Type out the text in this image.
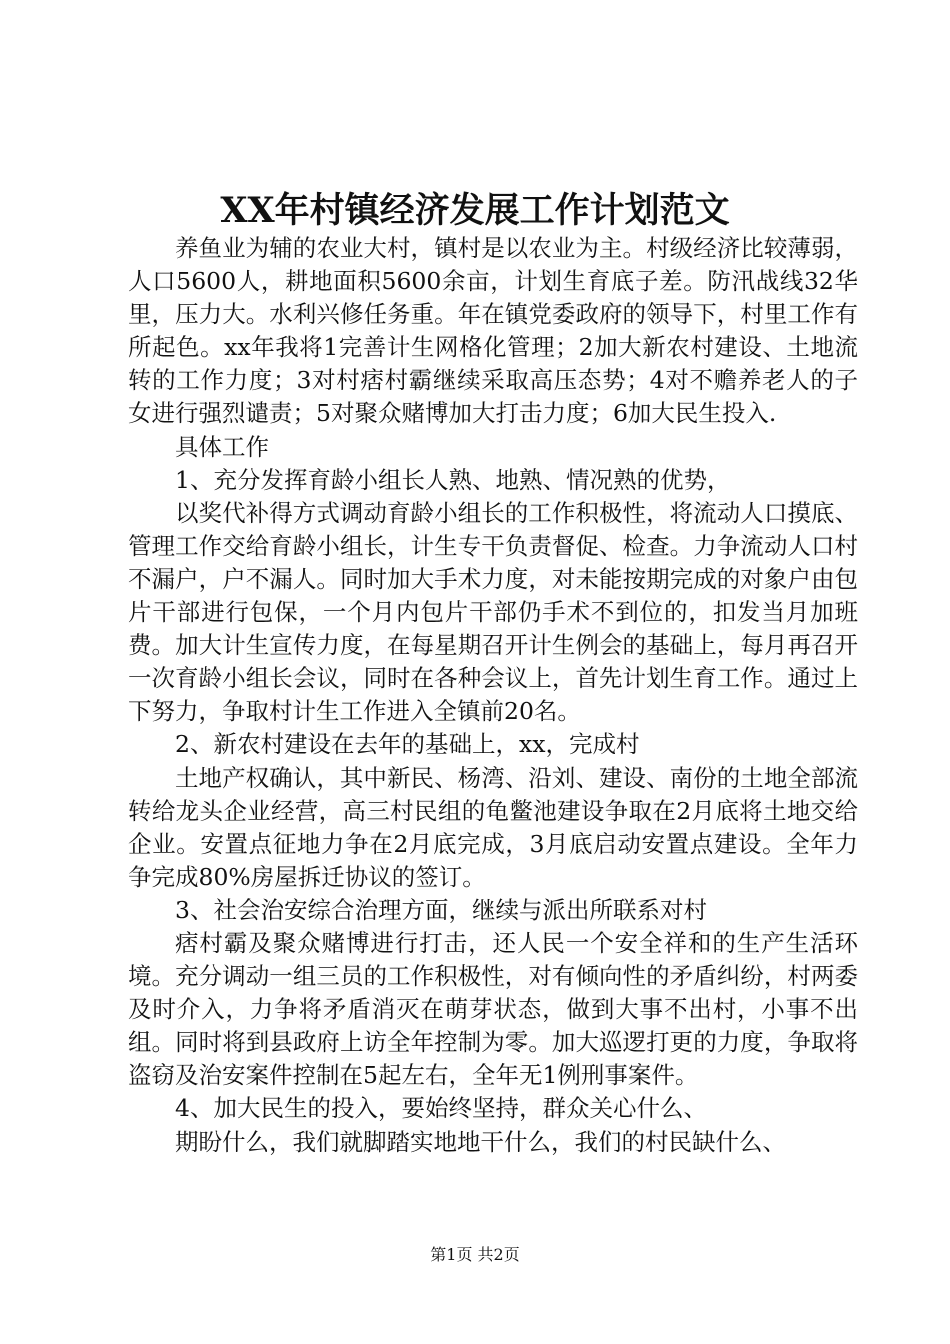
XX年村镇经济发展工作计划范文

养鱼业为辅的农业大村，镇村是以农业为主。村级经济比较薄弱，人口5600人，耕地面积5600余亩，计划生育底子差。防汛战线32华里，压力大。水利兴修任务重。年在镇党委政府的领导下，村里工作有所起色。xx年我将1完善计生网格化管理；2加大新农村建设、土地流转的工作力度；3对村痞村霸继续采取高压态势；4对不赡养老人的子女进行强烈谴责；5对聚众赌博加大打击力度；6加大民生投入.

具体工作

1、充分发挥育龄小组长人熟、地熟、情况熟的优势，

以奖代补得方式调动育龄小组长的工作积极性，将流动人口摸底、管理工作交给育龄小组长，计生专干负责督促、检查。力争流动人口村不漏户，户不漏人。同时加大手术力度，对未能按期完成的对象户由包片干部进行包保，一个月内包片干部仍手术不到位的，扣发当月加班费。加大计生宣传力度，在每星期召开计生例会的基础上，每月再召开一次育龄小组长会议，同时在各种会议上，首先计划生育工作。通过上下努力，争取村计生工作进入全镇前20名。

2、新农村建设在去年的基础上，xx，完成村

土地产权确认，其中新民、杨湾、沿刘、建设、南份的土地全部流转给龙头企业经营，高三村民组的龟鳖池建设争取在2月底将土地交给企业。安置点征地力争在2月底完成，3月底启动安置点建设。全年力争完成80%房屋拆迁协议的签订。

3、社会治安综合治理方面，继续与派出所联系对村

痞村霸及聚众赌博进行打击，还人民一个安全祥和的生产生活环境。充分调动一组三员的工作积极性，对有倾向性的矛盾纠纷，村两委及时介入，力争将矛盾消灭在萌芽状态，做到大事不出村，小事不出组。同时将到县政府上访全年控制为零。加大巡逻打更的力度，争取将盗窃及治安案件控制在5起左右，全年无1例刑事案件。

4、加大民生的投入，要始终坚持，群众关心什么、

期盼什么，我们就脚踏实地地干什么，我们的村民缺什么、

第1页 共2页
